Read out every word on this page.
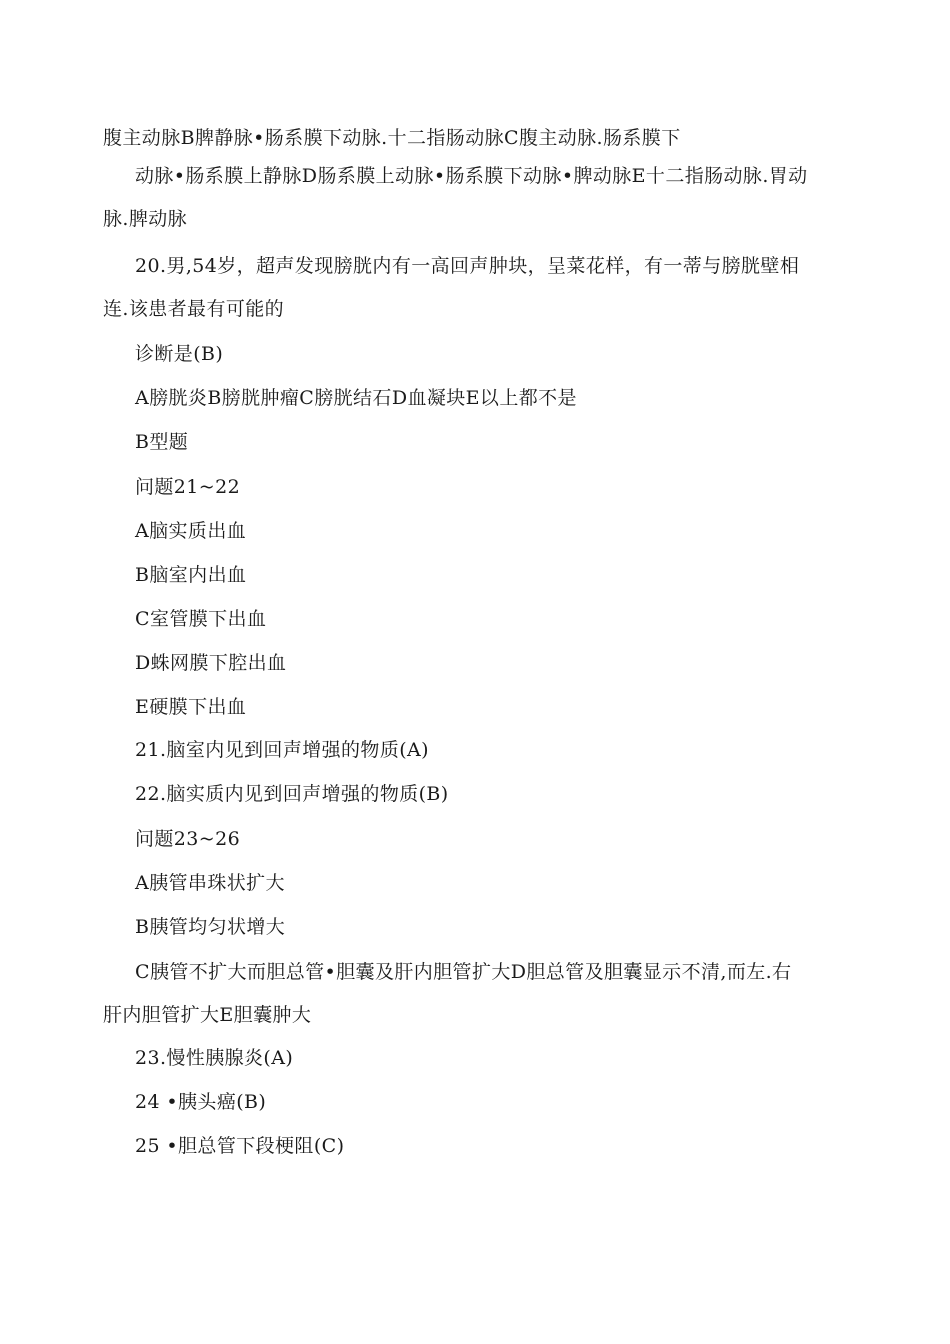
腹主动脉B脾静脉•肠系膜下动脉.十二指肠动脉C腹主动脉.肠系膜下
动脉•肠系膜上静脉D肠系膜上动脉•肠系膜下动脉•脾动脉E十二指肠动脉.胃动
脉.脾动脉
20.男,54岁，超声发现膀胱内有一高回声肿块，呈菜花样，有一蒂与膀胱壁相
连.该患者最有可能的
诊断是(B)
A膀胱炎B膀胱肿瘤C膀胱结石D血凝块E以上都不是
B型题
问题21~22
A脑实质出血
B脑室内出血
C室管膜下出血
D蛛网膜下腔出血
E硬膜下出血
21.脑室内见到回声增强的物质(A)
22.脑实质内见到回声增强的物质(B)
问题23~26
A胰管串珠状扩大
B胰管均匀状增大
C胰管不扩大而胆总管•胆囊及肝内胆管扩大D胆总管及胆囊显示不清,而左.右
肝内胆管扩大E胆囊肿大
23.慢性胰腺炎(A)
24 •胰头癌(B)
25 •胆总管下段梗阻(C)
